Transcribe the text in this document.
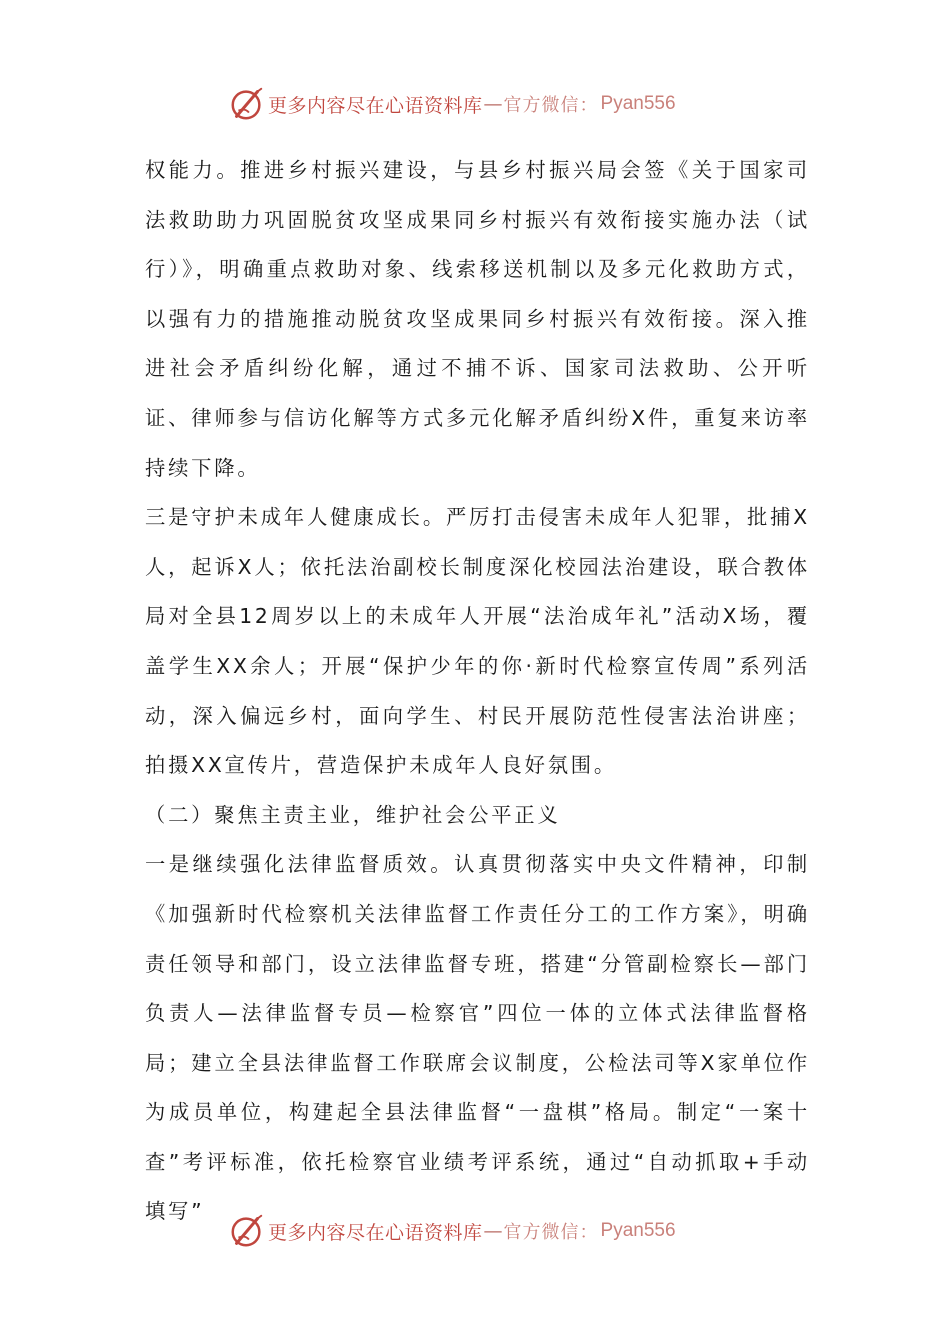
更多内容尽在心语资料库 — 官方微信： Pyan556

权能力。推进乡村振兴建设，与县乡村振兴局会签《关于国家司法救助助力巩固脱贫攻坚成果同乡村振兴有效衔接实施办法（试行）》，明确重点救助对象、线索移送机制以及多元化救助方式，以强有力的措施推动脱贫攻坚成果同乡村振兴有效衔接。深入推进社会矛盾纠纷化解，通过不捕不诉、国家司法救助、公开听证、律师参与信访化解等方式多元化解矛盾纠纷X件，重复来访率持续下降。

三是守护未成年人健康成长。严厉打击侵害未成年人犯罪，批捕X人，起诉X人；依托法治副校长制度深化校园法治建设，联合教体局对全县12周岁以上的未成年人开展“法治成年礼”活动X场，覆盖学生XX余人；开展“保护少年的你·新时代检察宣传周”系列活动，深入偏远乡村，面向学生、村民开展防范性侵害法治讲座；拍摄XX宣传片，营造保护未成年人良好氛围。

（二）聚焦主责主业，维护社会公平正义

一是继续强化法律监督质效。认真贯彻落实中央文件精神，印制《加强新时代检察机关法律监督工作责任分工的工作方案》，明确责任领导和部门，设立法律监督专班，搭建“分管副检察长—部门负责人—法律监督专员—检察官”四位一体的立体式法律监督格局；建立全县法律监督工作联席会议制度，公检法司等X家单位作为成员单位，构建起全县法律监督“一盘棋”格局。制定“一案十查”考评标准，依托检察官业绩考评系统，通过“自动抓取+手动填写”

更多内容尽在心语资料库 — 官方微信： Pyan556
